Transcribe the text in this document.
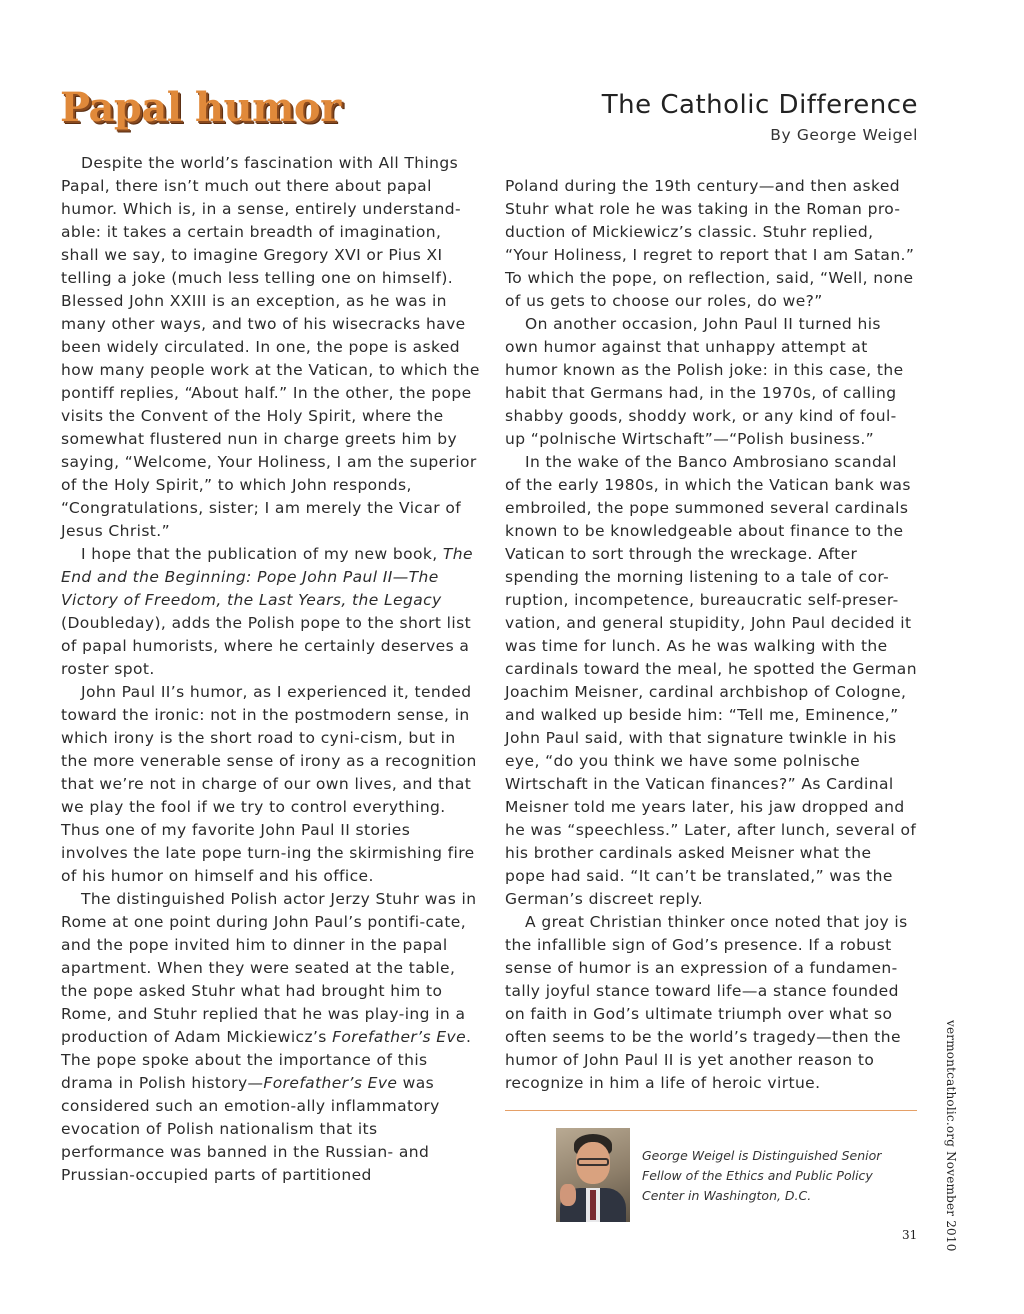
Papal humor	The Catholic Difference
By George Weigel

Despite the world’s fascination with All Things Papal, there isn’t much out there about papal humor. Which is, in a sense, entirely understand-able: it takes a certain breadth of imagination, shall we say, to imagine Gregory XVI or Pius XI telling a joke (much less telling one on himself). Blessed John XXIII is an exception, as he was in many other ways, and two of his wisecracks have been widely circulated. In one, the pope is asked how many people work at the Vatican, to which the pontiff replies, “About half.” In the other, the pope visits the Convent of the Holy Spirit, where the somewhat flustered nun in charge greets him by saying, “Welcome, Your Holiness, I am the superior of the Holy Spirit,” to which John responds, “Congratulations, sister; I am merely the Vicar of Jesus Christ.”

I hope that the publication of my new book, The End and the Beginning: Pope John Paul II—The Victory of Freedom, the Last Years, the Legacy (Doubleday), adds the Polish pope to the short list of papal humorists, where he certainly deserves a roster spot.

John Paul II’s humor, as I experienced it, tended toward the ironic: not in the postmodern sense, in which irony is the short road to cyni-cism, but in the more venerable sense of irony as a recognition that we’re not in charge of our own lives, and that we play the fool if we try to control everything. Thus one of my favorite John Paul II stories involves the late pope turn-ing the skirmishing fire of his humor on himself and his office.

The distinguished Polish actor Jerzy Stuhr was in Rome at one point during John Paul’s pontifi-cate, and the pope invited him to dinner in the papal apartment. When they were seated at the table, the pope asked Stuhr what had brought him to Rome, and Stuhr replied that he was play-ing in a production of Adam Mickiewicz’s Forefather’s Eve. The pope spoke about the importance of this drama in Polish history—Forefather’s Eve was considered such an emotion-ally inflammatory evocation of Polish nationalism that its performance was banned in the Russian- and Prussian-occupied parts of partitioned

Poland during the 19th century—and then asked Stuhr what role he was taking in the Roman pro-duction of Mickiewicz’s classic. Stuhr replied, “Your Holiness, I regret to report that I am Satan.” To which the pope, on reflection, said, “Well, none of us gets to choose our roles, do we?”

On another occasion, John Paul II turned his own humor against that unhappy attempt at humor known as the Polish joke: in this case, the habit that Germans had, in the 1970s, of calling shabby goods, shoddy work, or any kind of foul-up “polnische Wirtschaft”—“Polish business.”

In the wake of the Banco Ambrosiano scandal of the early 1980s, in which the Vatican bank was embroiled, the pope summoned several cardinals known to be knowledgeable about finance to the Vatican to sort through the wreckage. After spending the morning listening to a tale of cor-ruption, incompetence, bureaucratic self-preser-vation, and general stupidity, John Paul decided it was time for lunch. As he was walking with the cardinals toward the meal, he spotted the German Joachim Meisner, cardinal archbishop of Cologne, and walked up beside him: “Tell me, Eminence,” John Paul said, with that signature twinkle in his eye, “do you think we have some polnische Wirtschaft in the Vatican finances?” As Cardinal Meisner told me years later, his jaw dropped and he was “speechless.” Later, after lunch, several of his brother cardinals asked Meisner what the pope had said. “It can’t be translated,” was the German’s discreet reply.

A great Christian thinker once noted that joy is the infallible sign of God’s presence. If a robust sense of humor is an expression of a fundamen-tally joyful stance toward life—a stance founded on faith in God’s ultimate triumph over what so often seems to be the world’s tragedy—then the humor of John Paul II is yet another reason to recognize in him a life of heroic virtue.

George Weigel is Distinguished Senior Fellow of the Ethics and Public Policy Center in Washington, D.C.	vermontcatholic.org November 2010
31
